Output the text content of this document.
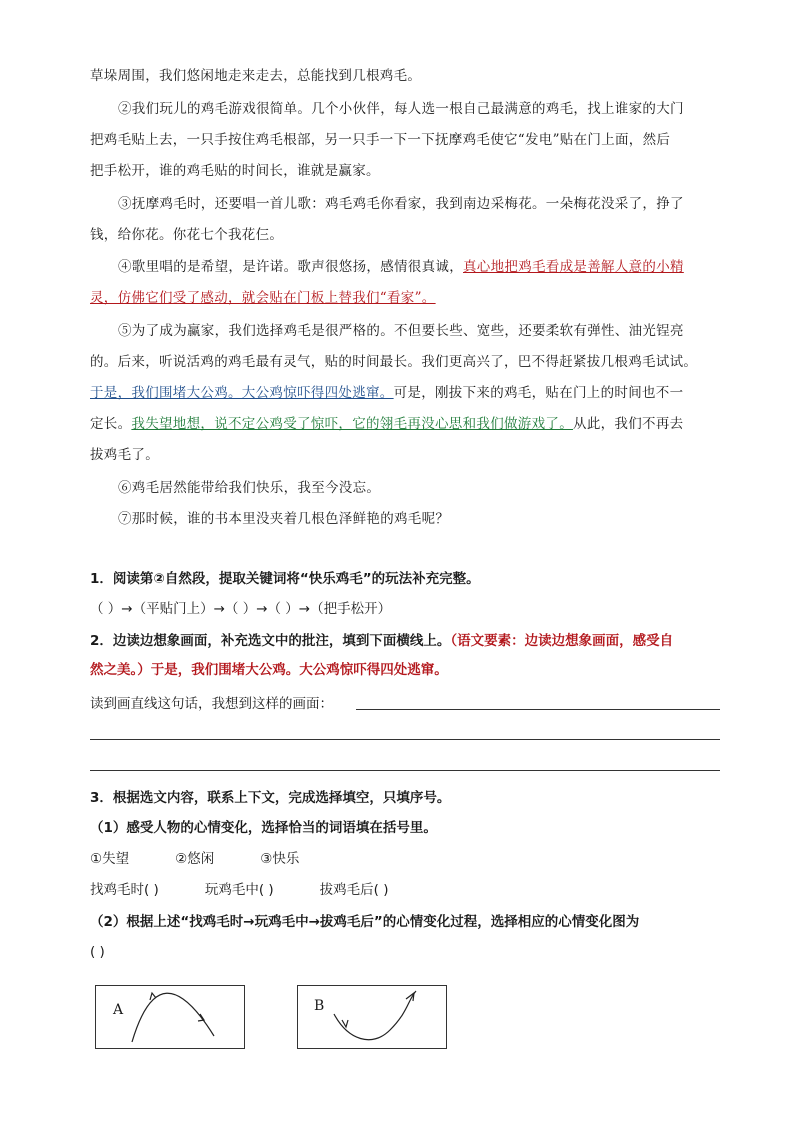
草垛周围，我们悠闲地走来走去，总能找到几根鸡毛。
②我们玩儿的鸡毛游戏很简单。几个小伙伴，每人选一根自己最满意的鸡毛，找上谁家的大门
把鸡毛贴上去，一只手按住鸡毛根部，另一只手一下一下抚摩鸡毛使它“发电”贴在门上面，然后
把手松开，谁的鸡毛贴的时间长，谁就是赢家。
③抚摩鸡毛时，还要唱一首儿歌：鸡毛鸡毛你看家，我到南边采梅花。一朵梅花没采了，挣了
钱，给你花。你花七个我花仨。
④歌里唱的是希望，是许诺。歌声很悠扬，感情很真诚，真心地把鸡毛看成是善解人意的小精
灵，仿佛它们受了感动，就会贴在门板上替我们“看家”。
⑤为了成为赢家，我们选择鸡毛是很严格的。不但要长些、宽些，还要柔软有弹性、油光锃亮
的。后来，听说活鸡的鸡毛最有灵气，贴的时间最长。我们更高兴了，巴不得赶紧拔几根鸡毛试试。
于是，我们围堵大公鸡。大公鸡惊吓得四处逃窜。可是，刚拔下来的鸡毛，贴在门上的时间也不一
定长。我失望地想，说不定公鸡受了惊吓，它的翎毛再没心思和我们做游戏了。从此，我们不再去
拔鸡毛了。
⑥鸡毛居然能带给我们快乐，我至今没忘。
⑦那时候，谁的书本里没夹着几根色泽鲜艳的鸡毛呢？
1．阅读第②自然段，提取关键词将“快乐鸡毛”的玩法补充完整。
（ ）→（平贴门上）→（ ）→（ ）→（把手松开）
2．边读边想象画面，补充选文中的批注，填到下面横线上。（语文要素：边读边想象画面，感受自
然之美。）于是，我们围堵大公鸡。大公鸡惊吓得四处逃窜。
读到画直线这句话，我想到这样的画面：
3．根据选文内容，联系上下文，完成选择填空，只填序号。
（1）感受人物的心情变化，选择恰当的词语填在括号里。
①失望	②悠闲	③快乐
找鸡毛时( )	玩鸡毛中( )	拔鸡毛后( )
（2）根据上述“找鸡毛时→玩鸡毛中→拔鸡毛后”的心情变化过程，选择相应的心情变化图为
( )
A	B
